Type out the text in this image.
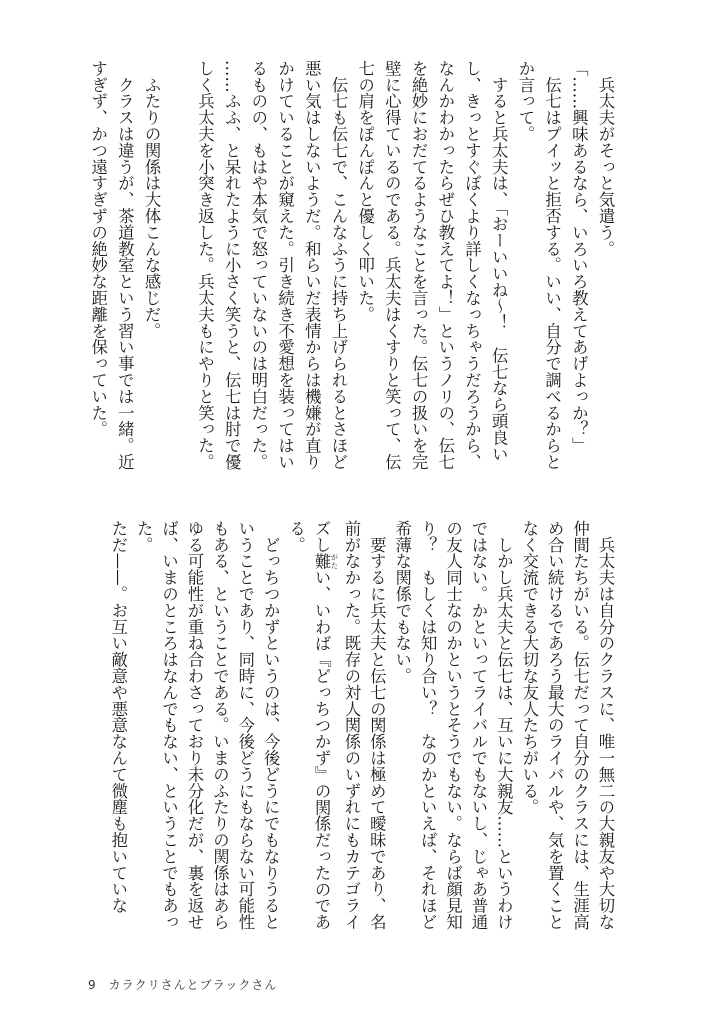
　兵太夫がそっと気遣う。
「……興味あるなら、いろいろ教えてあげよっか？」
　伝七はプイッと拒否する。いい、自分で調べるからと
か言って。
　すると兵太夫は、「おーいいね〜！　伝七なら頭良い
し、きっとすぐぼくより詳しくなっちゃうだろうから、
なんかわかったらぜひ教えてよ！」というノリの、伝七
を絶妙におだてるようなことを言った。伝七の扱いを完
壁に心得ているのである。兵太夫はくすりと笑って、伝
七の肩をぽんぽんと優しく叩いた。
　伝七も伝七で、こんなふうに持ち上げられるとさほど
悪い気はしないようだ。和らいだ表情からは機嫌が直り
かけていることが窺えた。引き続き不愛想を装ってはい
るものの、もはや本気で怒っていないのは明白だった。
……ふふ、と呆れたように小さく笑うと、伝七は肘で優
しく兵太夫を小突き返した。兵太夫もにやりと笑った。
　ふたりの関係は大体こんな感じだ。
　クラスは違うが、茶道教室という習い事では一緒。近
すぎず、かつ遠すぎずの絶妙な距離を保っていた。
　兵太夫は自分のクラスに、唯一無二の大親友や大切な
仲間たちがいる。伝七だって自分のクラスには、生涯高
め合い続けるであろう最大のライバルや、気を置くこと
なく交流できる大切な友人たちがいる。
　しかし兵太夫と伝七は、互いに大親友……というわけ
ではない。かといってライバルでもないし、じゃあ普通
の友人同士なのかというとそうでもない。ならば顔見知
り？　もしくは知り合い？　なのかといえば、それほど
希薄な関係でもない。
　要するに兵太夫と伝七の関係は極めて曖昧であり、名
前がなかった。既存の対人関係のいずれにもカテゴライ
ズし難 がたい、いわば『どっちつかず』の関係だったのであ
る。
　どっちつかずというのは、今後どうにでもなりうると
いうことであり、同時に、今後どうにもならない可能性
もある、ということである。いまのふたりの関係はあら
ゆる可能性が重ね合わさっており未分化だが、裏を返せ
ば、いまのところはなんでもない、ということでもあっ
た。
ただ——。お互い敵意や悪意なんて微塵も抱いていな
9 カラクリさんとブラックさん
